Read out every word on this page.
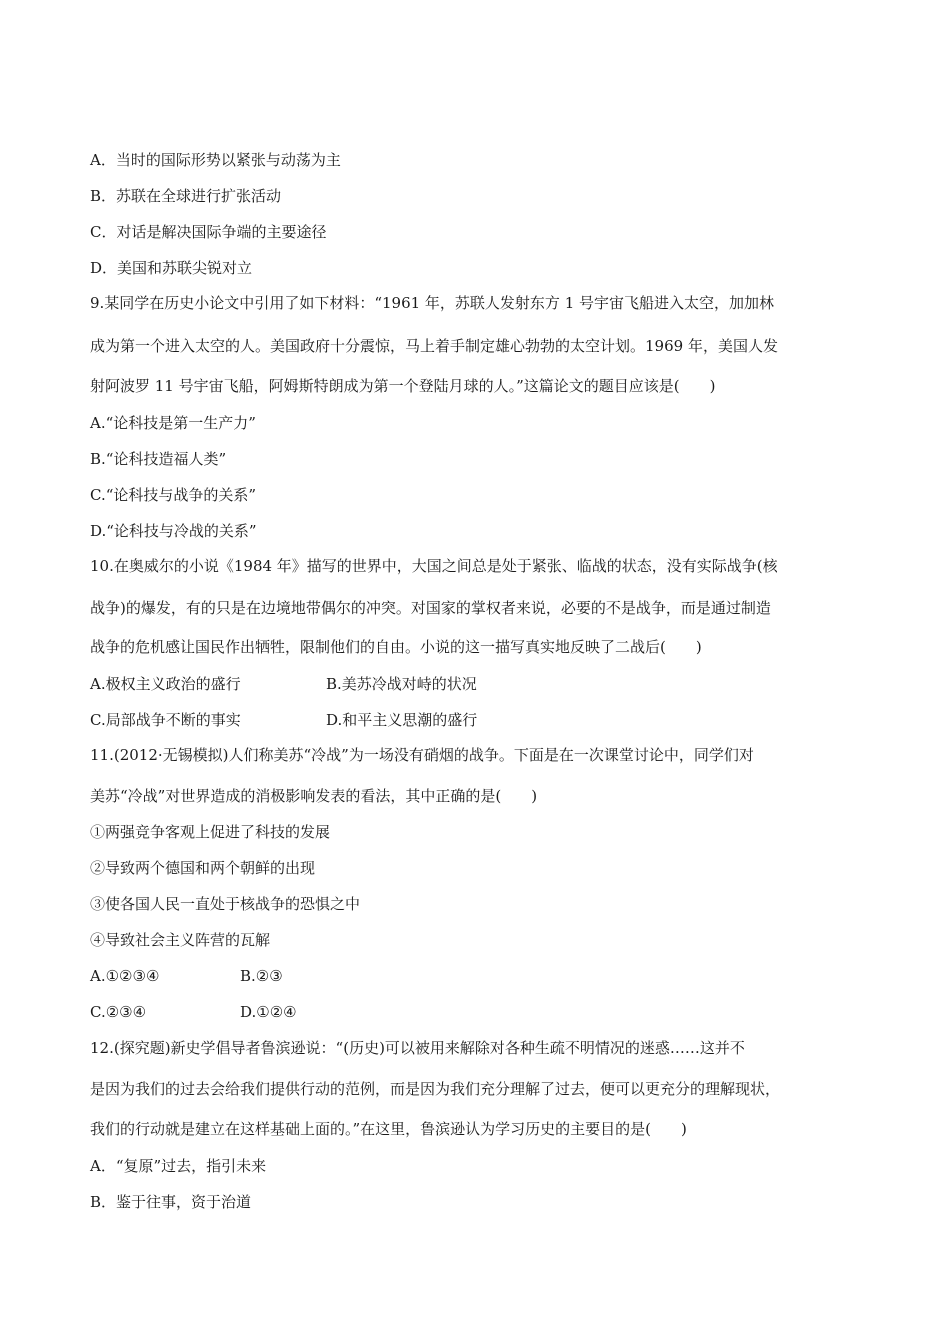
A．当时的国际形势以紧张与动荡为主
B．苏联在全球进行扩张活动
C．对话是解决国际争端的主要途径
D．美国和苏联尖锐对立
9.某同学在历史小论文中引用了如下材料：“1961 年，苏联人发射东方 1 号宇宙飞船进入太空，加加林
成为第一个进入太空的人。美国政府十分震惊，马上着手制定雄心勃勃的太空计划。1969 年，美国人发
射阿波罗 11 号宇宙飞船，阿姆斯特朗成为第一个登陆月球的人。”这篇论文的题目应该是(　　)
A.“论科技是第一生产力”
B.“论科技造福人类”
C.“论科技与战争的关系”
D.“论科技与冷战的关系”
10.在奥威尔的小说《1984 年》描写的世界中，大国之间总是处于紧张、临战的状态，没有实际战争(核
战争)的爆发，有的只是在边境地带偶尔的冲突。对国家的掌权者来说，必要的不是战争，而是通过制造
战争的危机感让国民作出牺牲，限制他们的自由。小说的这一描写真实地反映了二战后(　　)
A.极权主义政治的盛行	B.美苏冷战对峙的状况
C.局部战争不断的事实	D.和平主义思潮的盛行
11.(2012·无锡模拟)人们称美苏“冷战”为一场没有硝烟的战争。下面是在一次课堂讨论中，同学们对
美苏“冷战”对世界造成的消极影响发表的看法，其中正确的是(　　)
①两强竞争客观上促进了科技的发展
②导致两个德国和两个朝鲜的出现
③使各国人民一直处于核战争的恐惧之中
④导致社会主义阵营的瓦解
A.①②③④	B.②③
C.②③④	D.①②④
12.(探究题)新史学倡导者鲁滨逊说：“(历史)可以被用来解除对各种生疏不明情况的迷惑……这并不
是因为我们的过去会给我们提供行动的范例，而是因为我们充分理解了过去，便可以更充分的理解现状，
我们的行动就是建立在这样基础上面的。”在这里，鲁滨逊认为学习历史的主要目的是(　　)
A．“复原”过去，指引未来
B．鉴于往事，资于治道
